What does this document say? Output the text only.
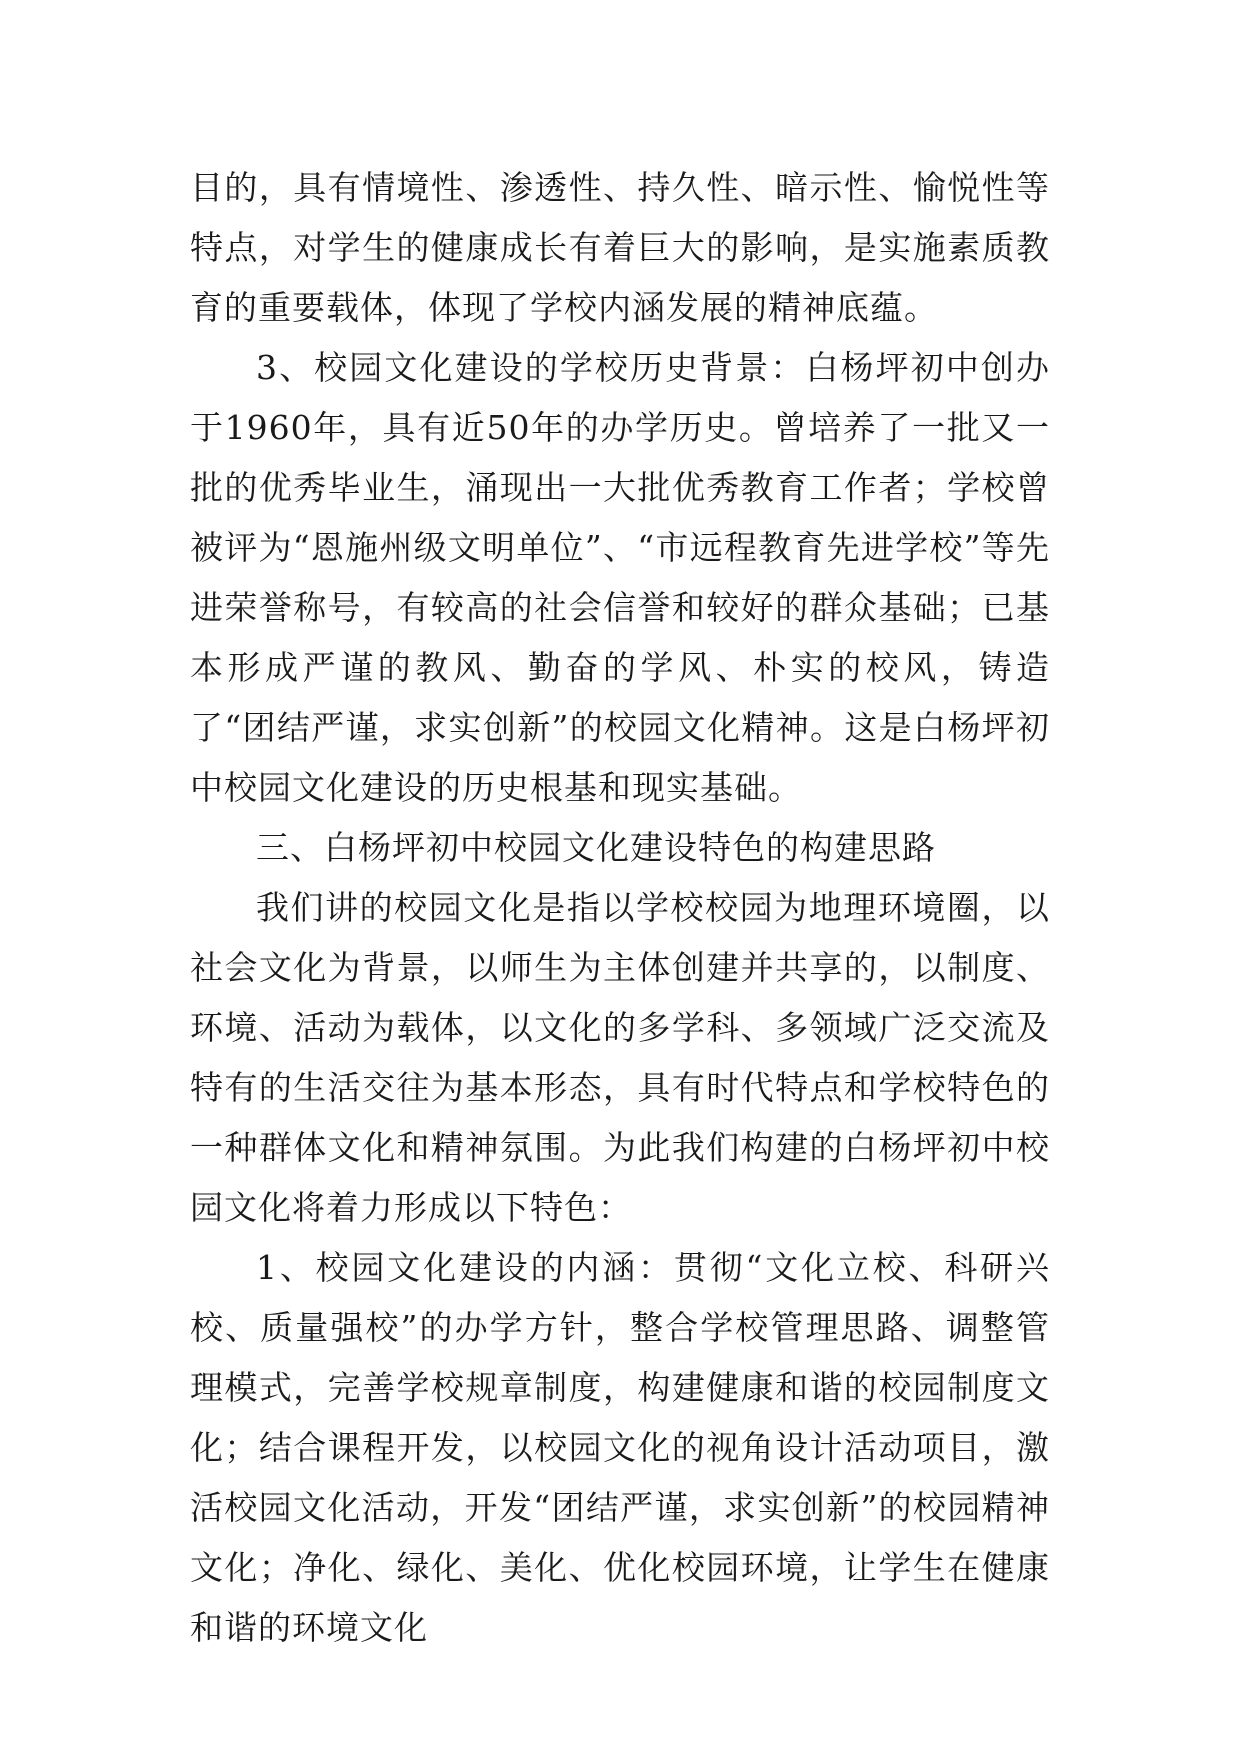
目的，具有情境性、渗透性、持久性、暗示性、愉悦性等特点，对学生的健康成长有着巨大的影响，是实施素质教育的重要载体，体现了学校内涵发展的精神底蕴。

3、校园文化建设的学校历史背景：白杨坪初中创办于1960年，具有近50年的办学历史。曾培养了一批又一批的优秀毕业生，涌现出一大批优秀教育工作者；学校曾被评为“恩施州级文明单位”、“市远程教育先进学校”等先进荣誉称号，有较高的社会信誉和较好的群众基础；已基本形成严谨的教风、勤奋的学风、朴实的校风，铸造了“团结严谨，求实创新”的校园文化精神。这是白杨坪初中校园文化建设的历史根基和现实基础。

三、白杨坪初中校园文化建设特色的构建思路

我们讲的校园文化是指以学校校园为地理环境圈，以社会文化为背景，以师生为主体创建并共享的，以制度、环境、活动为载体，以文化的多学科、多领域广泛交流及特有的生活交往为基本形态，具有时代特点和学校特色的一种群体文化和精神氛围。为此我们构建的白杨坪初中校园文化将着力形成以下特色：

1、校园文化建设的内涵：贯彻“文化立校、科研兴校、质量强校”的办学方针，整合学校管理思路、调整管理模式，完善学校规章制度，构建健康和谐的校园制度文化；结合课程开发，以校园文化的视角设计活动项目，激活校园文化活动，开发“团结严谨，求实创新”的校园精神文化；净化、绿化、美化、优化校园环境，让学生在健康和谐的环境文化
